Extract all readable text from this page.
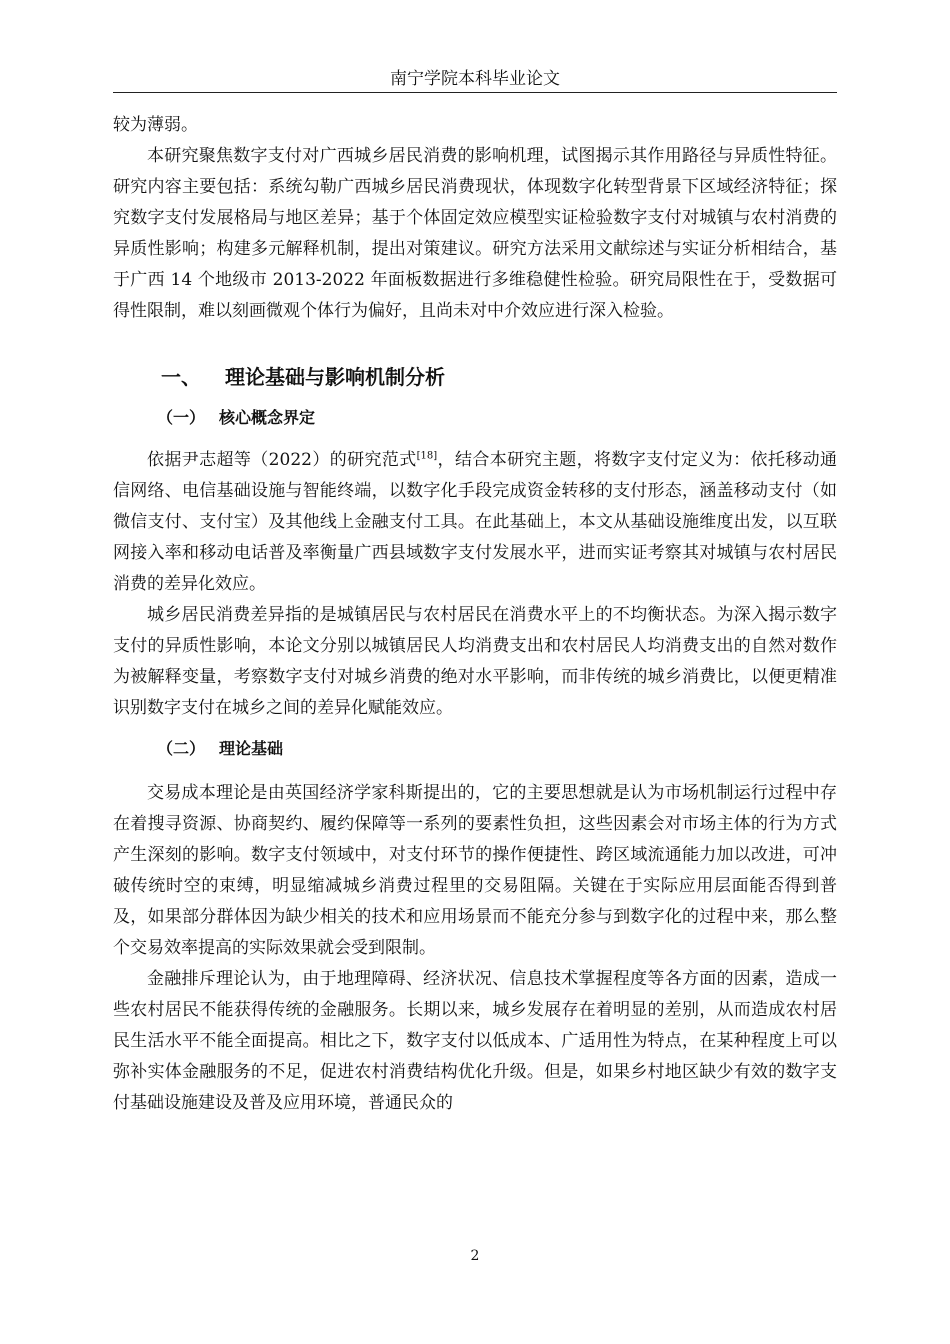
南宁学院本科毕业论文

较为薄弱。

本研究聚焦数字支付对广西城乡居民消费的影响机理，试图揭示其作用路径与异质性特征。研究内容主要包括：系统勾勒广西城乡居民消费现状，体现数字化转型背景下区域经济特征；探究数字支付发展格局与地区差异；基于个体固定效应模型实证检验数字支付对城镇与农村消费的异质性影响；构建多元解释机制，提出对策建议。研究方法采用文献综述与实证分析相结合，基于广西 14 个地级市 2013-2022 年面板数据进行多维稳健性检验。研究局限性在于，受数据可得性限制，难以刻画微观个体行为偏好，且尚未对中介效应进行深入检验。

一、 理论基础与影响机制分析
（一） 核心概念界定

依据尹志超等（2022）的研究范式[18]，结合本研究主题，将数字支付定义为：依托移动通信网络、电信基础设施与智能终端，以数字化手段完成资金转移的支付形态，涵盖移动支付（如微信支付、支付宝）及其他线上金融支付工具。在此基础上，本文从基础设施维度出发，以互联网接入率和移动电话普及率衡量广西县域数字支付发展水平，进而实证考察其对城镇与农村居民消费的差异化效应。

城乡居民消费差异指的是城镇居民与农村居民在消费水平上的不均衡状态。为深入揭示数字支付的异质性影响，本论文分别以城镇居民人均消费支出和农村居民人均消费支出的自然对数作为被解释变量，考察数字支付对城乡消费的绝对水平影响，而非传统的城乡消费比，以便更精准识别数字支付在城乡之间的差异化赋能效应。

（二） 理论基础

交易成本理论是由英国经济学家科斯提出的，它的主要思想就是认为市场机制运行过程中存在着搜寻资源、协商契约、履约保障等一系列的要素性负担，这些因素会对市场主体的行为方式产生深刻的影响。数字支付领域中，对支付环节的操作便捷性、跨区域流通能力加以改进，可冲破传统时空的束缚，明显缩减城乡消费过程里的交易阻隔。关键在于实际应用层面能否得到普及，如果部分群体因为缺少相关的技术和应用场景而不能充分参与到数字化的过程中来，那么整个交易效率提高的实际效果就会受到限制。

金融排斥理论认为，由于地理障碍、经济状况、信息技术掌握程度等各方面的因素，造成一些农村居民不能获得传统的金融服务。长期以来，城乡发展存在着明显的差别，从而造成农村居民生活水平不能全面提高。相比之下，数字支付以低成本、广适用性为特点，在某种程度上可以弥补实体金融服务的不足，促进农村消费结构优化升级。但是，如果乡村地区缺少有效的数字支付基础设施建设及普及应用环境，普通民众的

2
